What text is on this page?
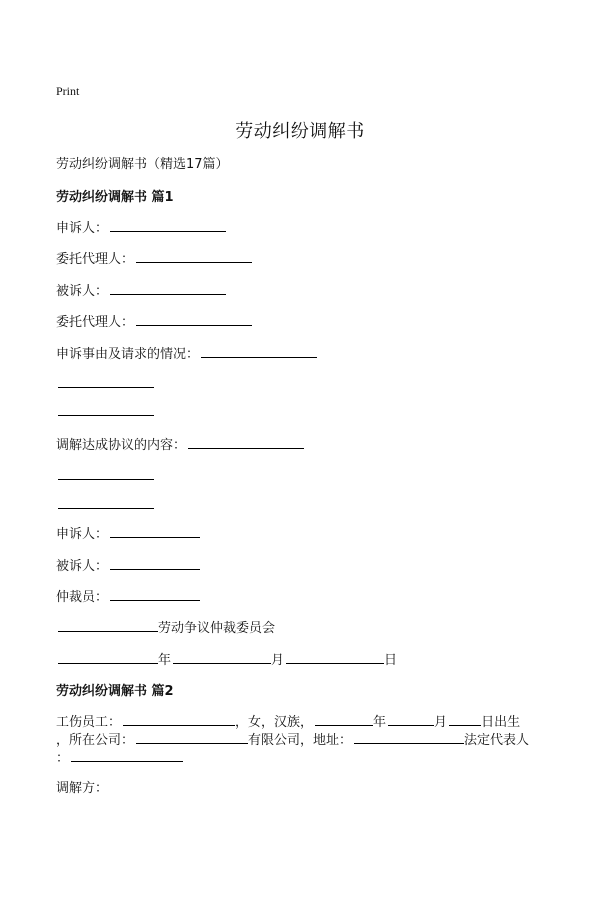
Print
劳动纠纷调解书
劳动纠纷调解书（精选17篇）
劳动纠纷调解书 篇1
申诉人：
委托代理人：
被诉人：
委托代理人：
申诉事由及请求的情况：
调解达成协议的内容：
申诉人：
被诉人：
仲裁员：
劳动争议仲裁委员会
年	月	日
劳动纠纷调解书 篇2
工伤员工：	，女，汉族，	年	月	日出生
，所在公司：	有限公司，地址：	法定代表人
：
调解方：
